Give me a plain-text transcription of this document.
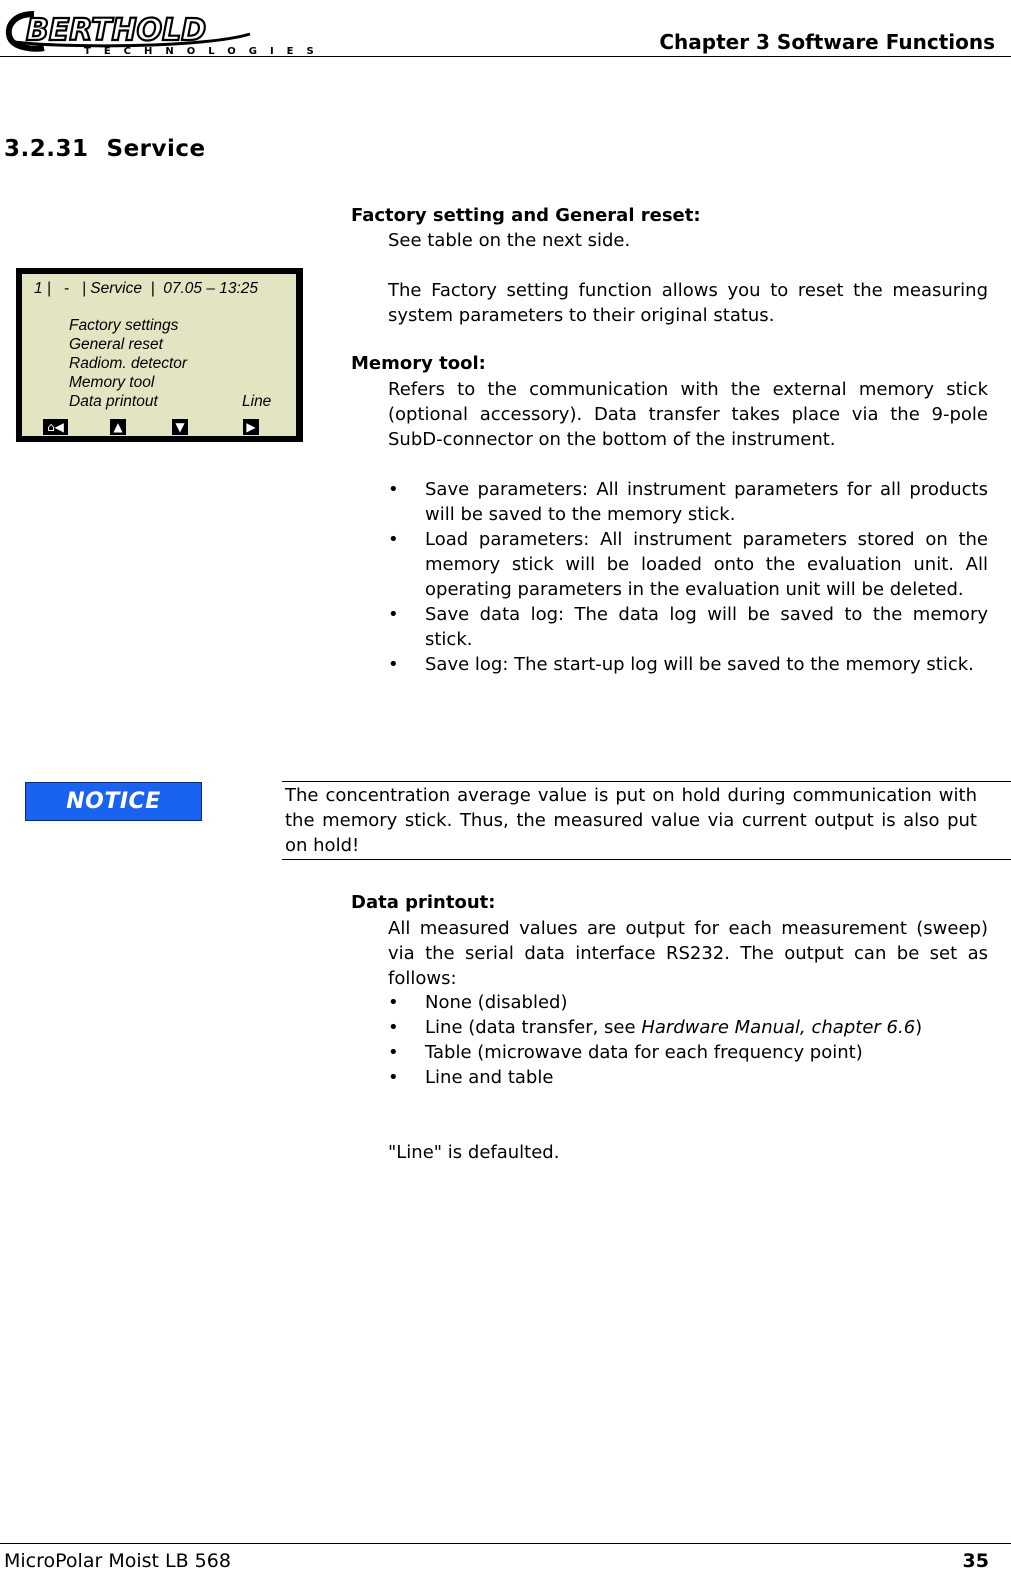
BERTHOLD
TECHNOLOGIES	Chapter 3 Software Functions
3.2.31 Service
1 |   -   | Service  |  07.05 – 13:25
Factory settings
General reset
Radiom. detector
Memory tool
Data printout	Line
⌂◀	▲	▼	▶
Factory setting and General reset:
See table on the next side.
The Factory setting function allows you to reset the measuring system parameters to their original status.
Memory tool:
Refers to the communication with the external memory stick (optional accessory). Data transfer takes place via the 9-pole SubD-connector on the bottom of the instrument.
• Save parameters: All instrument parameters for all products will be saved to the memory stick.
• Load parameters: All instrument parameters stored on the memory stick will be loaded onto the evaluation unit. All operating parameters in the evaluation unit will be deleted.
• Save data log: The data log will be saved to the memory stick.
• Save log: The start-up log will be saved to the memory stick.
NOTICE	The concentration average value is put on hold during communication with the memory stick. Thus, the measured value via current output is also put on hold!
Data printout:
All measured values are output for each measurement (sweep) via the serial data interface RS232. The output can be set as follows:
• None (disabled)
• Line (data transfer, see Hardware Manual, chapter 6.6)
• Table (microwave data for each frequency point)
• Line and table
"Line" is defaulted.
MicroPolar Moist LB 568	35
